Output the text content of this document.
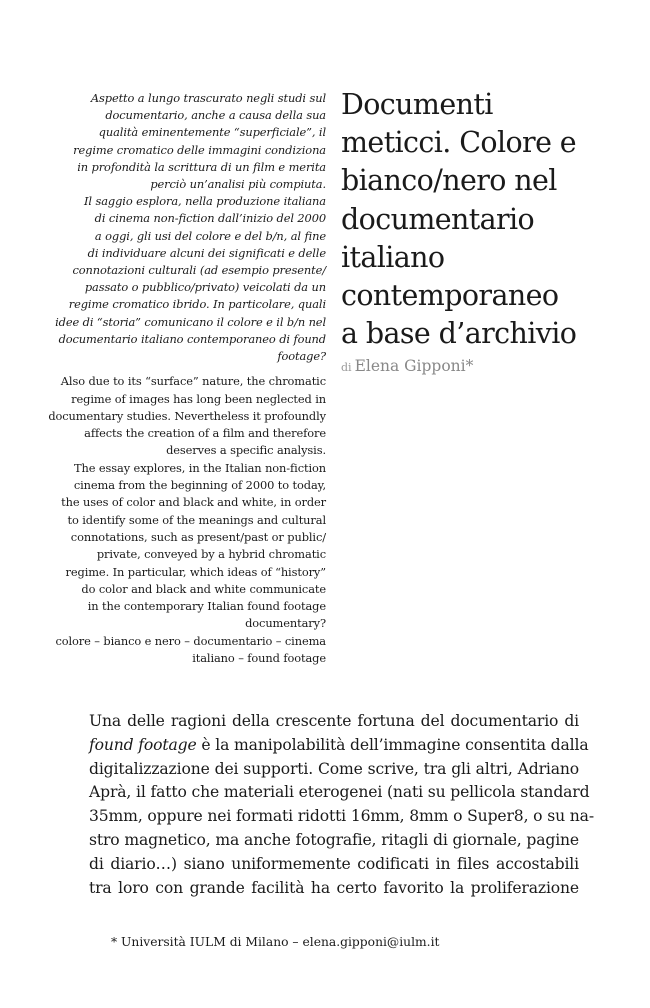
Aspetto a lungo trascurato negli studi sul
documentario, anche a causa della sua
qualità eminentemente “superficiale”, il
regime cromatico delle immagini condiziona
in profondità la scrittura di un film e merita
perciò un’analisi più compiuta.
Il saggio esplora, nella produzione italiana
di cinema non-fiction dall’inizio del 2000
a oggi, gli usi del colore e del b/n, al fine
di individuare alcuni dei significati e delle
connotazioni culturali (ad esempio presente/
passato o pubblico/privato) veicolati da un
regime cromatico ibrido. In particolare, quali
idee di “storia” comunicano il colore e il b/n nel
documentario italiano contemporaneo di found
footage?

Also due to its “surface” nature, the chromatic
regime of images has long been neglected in
documentary studies. Nevertheless it profoundly
affects the creation of a film and therefore
deserves a specific analysis.
The essay explores, in the Italian non-fiction
cinema from the beginning of 2000 to today,
the uses of color and black and white, in order
to identify some of the meanings and cultural
connotations, such as present/past or public/
private, conveyed by a hybrid chromatic
regime. In particular, which ideas of “history”
do color and black and white communicate
in the contemporary Italian found footage
documentary?

colore – bianco e nero – documentario – cinema
italiano – found footage

Documenti
meticci. Colore e
bianco/nero nel
documentario
italiano
contemporaneo
a base d’archivio

di Elena Gipponi*

Una delle ragioni della crescente fortuna del documentario di
found footage è la manipolabilità dell’immagine consentita dalla
digitalizzazione dei supporti. Come scrive, tra gli altri, Adriano
Aprà, il fatto che materiali eterogenei (nati su pellicola standard
35mm, oppure nei formati ridotti 16mm, 8mm o Super8, o su na-
stro magnetico, ma anche fotografie, ritagli di giornale, pagine
di diario…) siano uniformemente codificati in files accostabili
tra loro con grande facilità ha certo favorito la proliferazione
* Università IULM di Milano – elena.gipponi@iulm.it
